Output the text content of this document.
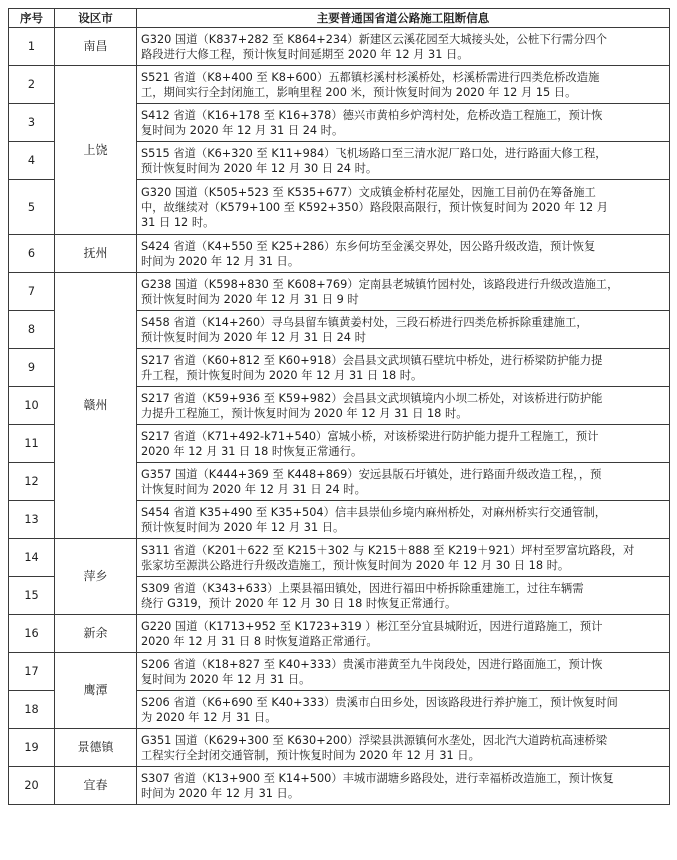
序号	设区市	主要普通国省道公路施工阻断信息
1	南昌	G320 国道（K837+282 至 K864+234）新建区云溪花园至大城接头处，公桩下行需分四个
路段进行大修工程，预计恢复时间延期至 2020 年 12 月 31 日。

2	上饶	S521 省道（K8+400 至 K8+600）五都镇杉溪村杉溪桥处，杉溪桥需进行四类危桥改造施
工，期间实行全封闭施工，影响里程 200 米，预计恢复时间为 2020 年 12 月 15 日。

3		S412 省道（K16+178 至 K16+378）德兴市黄柏乡炉湾村处，危桥改造工程施工，预计恢
复时间为 2020 年 12 月 31 日 24 时。

4		S515 省道（K6+320 至 K11+984）飞机场路口至三清水泥厂路口处，进行路面大修工程，
预计恢复时间为 2020 年 12 月 30 日 24 时。

5		G320 国道（K505+523 至 K535+677）文成镇金桥村花屋处，因施工目前仍在筹备施工
中，故继续对（K579+100 至 K592+350）路段限高限行，预计恢复时间为 2020 年 12 月
31 日 12 时。

6	抚州	S424 省道（K4+550 至 K25+286）东乡何坊至金溪交界处，因公路升级改造，预计恢复
时间为 2020 年 12 月 31 日。

7	赣州	G238 国道（K598+830 至 K608+769）定南县老城镇竹园村处，该路段进行升级改造施工，
预计恢复时间为 2020 年 12 月 31 日 9 时

8		S458 省道（K14+260）寻乌县留车镇黄姜村处，三段石桥进行四类危桥拆除重建施工，
预计恢复时间为 2020 年 12 月 31 日 24 时

9		S217 省道（K60+812 至 K60+918）会昌县文武坝镇石壁坑中桥处，进行桥梁防护能力提
升工程，预计恢复时间为 2020 年 12 月 31 日 18 时。

10		S217 省道（K59+936 至 K59+982）会昌县文武坝镇境内小坝二桥处，对该桥进行防护能
力提升工程施工，预计恢复时间为 2020 年 12 月 31 日 18 时。

11		S217 省道（K71+492-k71+540）富城小桥，对该桥梁进行防护能力提升工程施工，预计
2020 年 12 月 31 日 18 时恢复正常通行。

12		G357 国道（K444+369 至 K448+869）安远县版石圩镇处，进行路面升级改造工程，，预
计恢复时间为 2020 年 12 月 31 日 24 时。

13		S454 省道 K35+490 至 K35+504）信丰县崇仙乡境内麻州桥处，对麻州桥实行交通管制，
预计恢复时间为 2020 年 12 月 31 日。

14	萍乡	S311 省道（K201＋622 至 K215＋302 与 K215＋888 至 K219＋921）坪村至罗富坑路段，对
张家坊至源洪公路进行升级改造施工，预计恢复时间为 2020 年 12 月 30 日 18 时。

15		S309 省道（K343+633）上栗县福田镇处，因进行福田中桥拆除重建施工，过往车辆需
绕行 G319，预计 2020 年 12 月 30 日 18 时恢复正常通行。

16	新余	G220 国道（K1713+952 至 K1723+319 ）彬江至分宜县城附近，因进行道路施工，预计
2020 年 12 月 31 日 8 时恢复道路正常通行。

17	鹰潭	S206 省道（K18+827 至 K40+333）贵溪市港黄至九牛岗段处，因进行路面施工，预计恢
复时间为 2020 年 12 月 31 日。

18		S206 省道（K6+690 至 K40+333）贵溪市白田乡处，因该路段进行养护施工，预计恢复时间
为 2020 年 12 月 31 日。

19	景德镇	G351 国道（K629+300 至 K630+200）浮梁县洪源镇何水垄处，因北汽大道跨杭高速桥梁
工程实行全封闭交通管制，预计恢复时间为 2020 年 12 月 31 日。

20	宜春	S307 省道（K13+900 至 K14+500）丰城市湖塘乡路段处，进行幸福桥改造施工，预计恢复
时间为 2020 年 12 月 31 日。
